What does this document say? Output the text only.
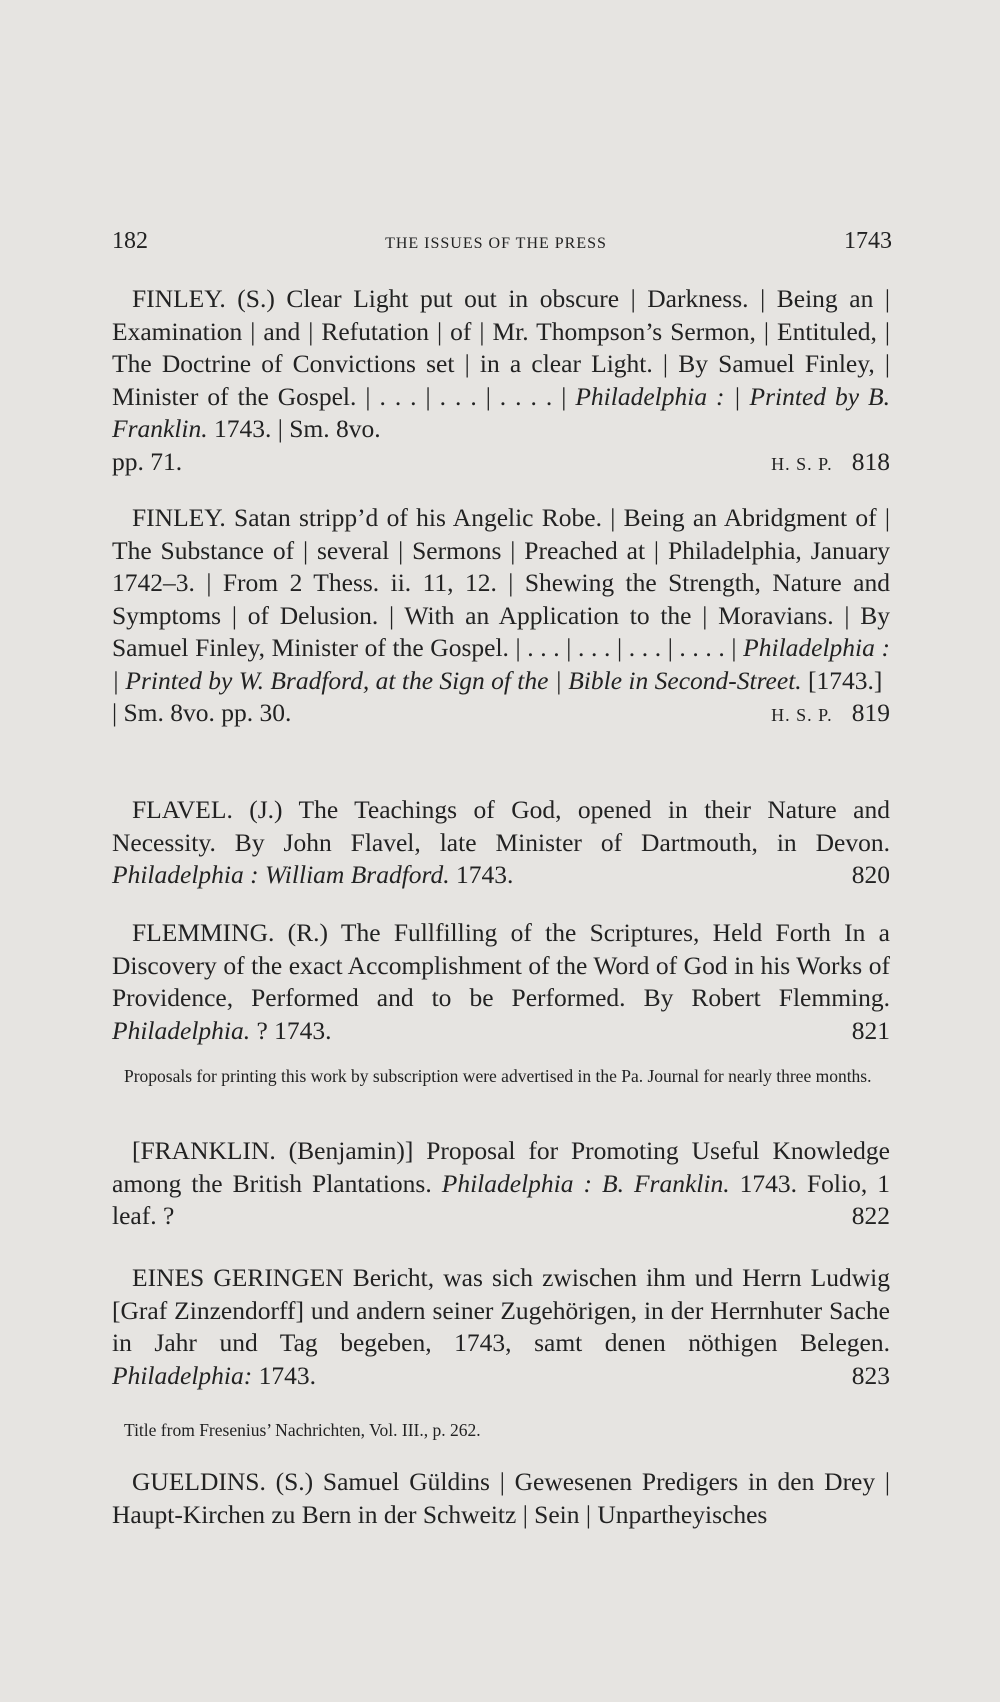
182	THE ISSUES OF THE PRESS	1743

FINLEY. (S.) Clear Light put out in obscure | Darkness. | Being an | Examination | and | Refutation | of | Mr. Thompson’s Sermon, | Entituled, | The Doctrine of Convictions set | in a clear Light. | By Samuel Finley, | Minister of the Gospel. | . . . | . . . | . . . . | Philadelphia : | Printed by B. Franklin. 1743. | Sm. 8vo.

pp. 71.	H. S. P. 818

FINLEY. Satan stripp’d of his Angelic Robe. | Being an Abridgment of | The Substance of | several | Sermons | Preached at | Philadelphia, January 1742–3. | From 2 Thess. ii. 11, 12. | Shewing the Strength, Nature and Symptoms | of Delusion. | With an Application to the | Moravians. | By Samuel Finley, Minister of the Gospel. | . . . | . . . | . . . | . . . . | Philadelphia : | Printed by W. Bradford, at the Sign of the | Bible in Second-Street. [1743.]

| Sm. 8vo. pp. 30.	H. S. P. 819

FLAVEL. (J.) The Teachings of God, opened in their Nature and Necessity. By John Flavel, late Minister of Dartmouth, in Devon. Philadelphia : William Bradford. 1743.	820

FLEMMING. (R.) The Fullfilling of the Scriptures, Held Forth In a Discovery of the exact Accomplishment of the Word of God in his Works of Providence, Performed and to be Performed. By Robert Flemming. Philadelphia. ? 1743.	821

Proposals for printing this work by subscription were advertised in the Pa. Journal for nearly three months.

[FRANKLIN. (Benjamin)] Proposal for Promoting Useful Knowledge among the British Plantations. Philadelphia : B. Franklin. 1743. Folio, 1 leaf. ?	822

EINES GERINGEN Bericht, was sich zwischen ihm und Herrn Ludwig [Graf Zinzendorff] und andern seiner Zugehörigen, in der Herrnhuter Sache in Jahr und Tag begeben, 1743, samt denen nöthigen Belegen. Philadelphia: 1743.	823

Title from Fresenius’ Nachrichten, Vol. III., p. 262.

GUELDINS. (S.) Samuel Güldins | Gewesenen Predigers in den Drey | Haupt-Kirchen zu Bern in der Schweitz | Sein | Unpartheyisches
